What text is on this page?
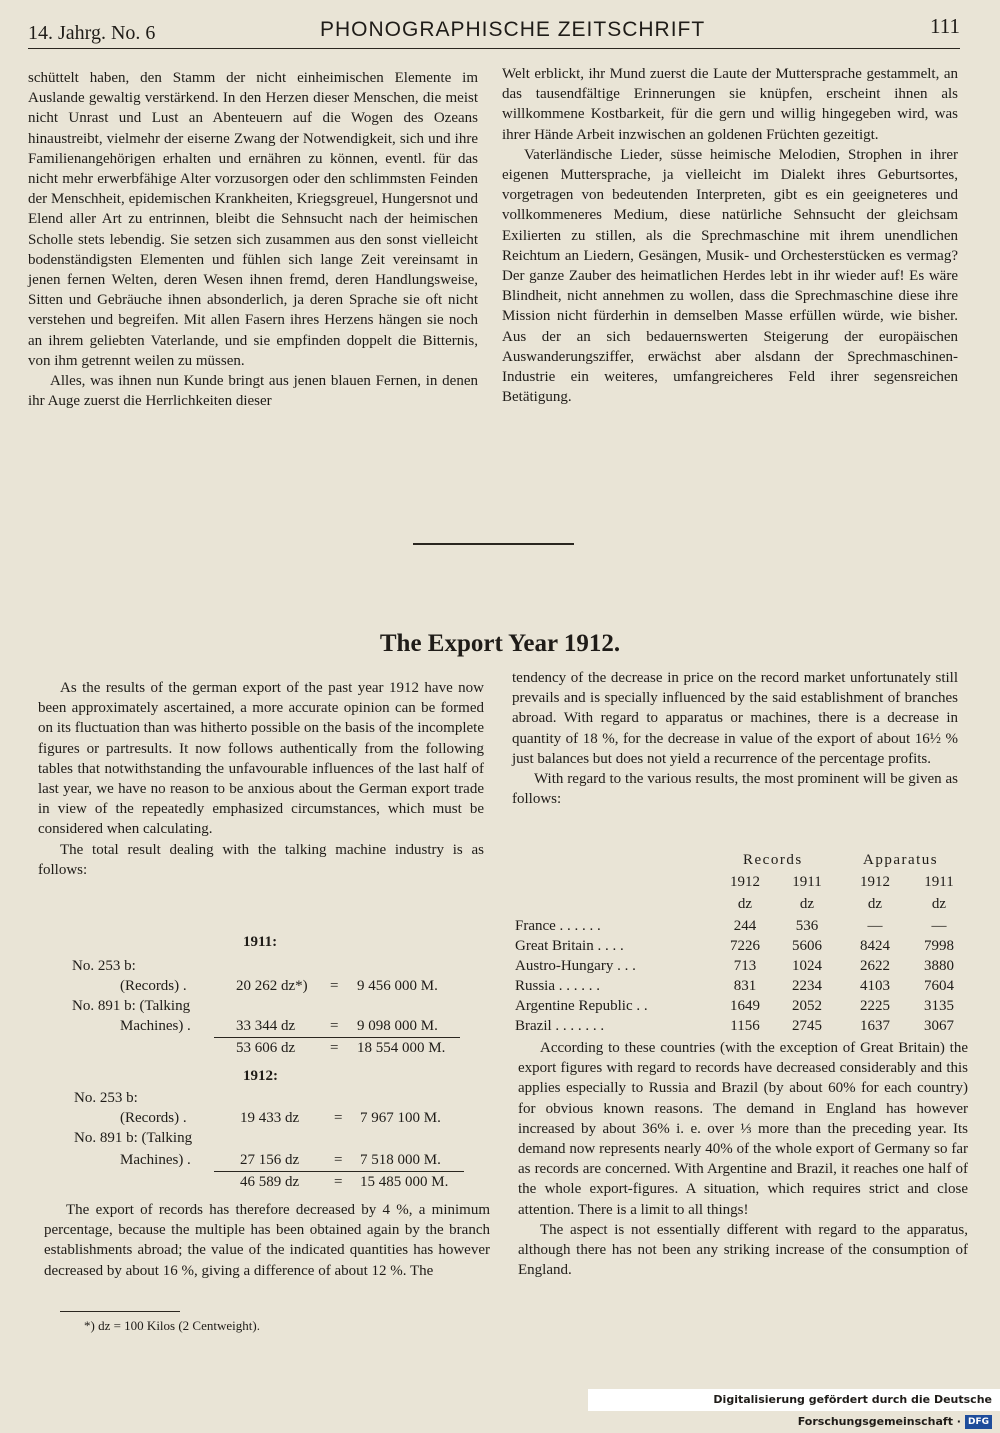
14. Jahrg. No. 6	PHONOGRAPHISCHE ZEITSCHRIFT	111

schüttelt haben, den Stamm der nicht einheimischen Elemente im Auslande gewaltig verstärkend. In den Herzen dieser Menschen, die meist nicht Unrast und Lust an Abenteuern auf die Wogen des Ozeans hinaustreibt, vielmehr der eiserne Zwang der Notwendigkeit, sich und ihre Familienangehörigen erhalten und ernähren zu können, eventl. für das nicht mehr erwerbfähige Alter vorzusorgen oder den schlimmsten Feinden der Menschheit, epidemischen Krankheiten, Kriegsgreuel, Hungersnot und Elend aller Art zu entrinnen, bleibt die Sehnsucht nach der heimischen Scholle stets lebendig. Sie setzen sich zusammen aus den sonst vielleicht bodenständigsten Elementen und fühlen sich lange Zeit vereinsamt in jenen fernen Welten, deren Wesen ihnen fremd, deren Handlungsweise, Sitten und Gebräuche ihnen absonderlich, ja deren Sprache sie oft nicht verstehen und begreifen. Mit allen Fasern ihres Herzens hängen sie noch an ihrem geliebten Vaterlande, und sie empfinden doppelt die Bitternis, von ihm getrennt weilen zu müssen.

Alles, was ihnen nun Kunde bringt aus jenen blauen Fernen, in denen ihr Auge zuerst die Herrlichkeiten dieser

Welt erblickt, ihr Mund zuerst die Laute der Muttersprache gestammelt, an das tausendfältige Erinnerungen sie knüpfen, erscheint ihnen als willkommene Kostbarkeit, für die gern und willig hingegeben wird, was ihrer Hände Arbeit inzwischen an goldenen Früchten gezeitigt.

Vaterländische Lieder, süsse heimische Melodien, Strophen in ihrer eigenen Muttersprache, ja vielleicht im Dialekt ihres Geburtsortes, vorgetragen von bedeutenden Interpreten, gibt es ein geeigneteres und vollkommeneres Medium, diese natürliche Sehnsucht der gleichsam Exilierten zu stillen, als die Sprechmaschine mit ihrem unendlichen Reichtum an Liedern, Gesängen, Musik- und Orchesterstücken es vermag? Der ganze Zauber des heimatlichen Herdes lebt in ihr wieder auf! Es wäre Blindheit, nicht annehmen zu wollen, dass die Sprechmaschine diese ihre Mission nicht fürderhin in demselben Masse erfüllen würde, wie bisher. Aus der an sich bedauernswerten Steigerung der europäischen Auswanderungsziffer, erwächst aber alsdann der Sprechmaschinen-Industrie ein weiteres, umfangreicheres Feld ihrer segensreichen Betätigung.

The Export Year 1912.

As the results of the german export of the past year 1912 have now been approximately ascertained, a more accurate opinion can be formed on its fluctuation than was hitherto possible on the basis of the incomplete figures or partresults. It now follows authentically from the following tables that notwithstanding the unfavourable influences of the last half of last year, we have no reason to be anxious about the German export trade in view of the repeatedly emphasized circumstances, which must be considered when calculating.

The total result dealing with the talking machine industry is as follows:

1911:
No. 253 b:
(Records) .	20 262 dz*) = 9 456 000 M.
No. 891 b: (Talking
Machines) .	33 344 dz = 9 098 000 M.
53 606 dz = 18 554 000 M.
1912:
No. 253 b:
(Records) .	19 433 dz = 7 967 100 M.
No. 891 b: (Talking
Machines) .	27 156 dz = 7 518 000 M.
46 589 dz = 15 485 000 M.

The export of records has therefore decreased by 4 %, a minimum percentage, because the multiple has been obtained again by the branch establishments abroad; the value of the indicated quantities has however decreased by about 16 %, giving a difference of about 12 %. The

*) dz = 100 Kilos (2 Centweight).

tendency of the decrease in price on the record market unfortunately still prevails and is specially influenced by the said establishment of branches abroad. With regard to apparatus or machines, there is a decrease in quantity of 18 %, for the decrease in value of the export of about 16½ % just balances but does not yield a recurrence of the percentage profits.

With regard to the various results, the most prominent will be given as follows:

Records	Apparatus
1912	1911	1912	1911
dz	dz	dz	dz
France . . . . . .	244	536	—	—
Great Britain . . . .	7226	5606	8424	7998
Austro-Hungary . . .	713	1024	2622	3880
Russia . . . . . .	831	2234	4103	7604
Argentine Republic . .	1649	2052	2225	3135
Brazil . . . . . . .	1156	2745	1637	3067

According to these countries (with the exception of Great Britain) the export figures with regard to records have decreased considerably and this applies especially to Russia and Brazil (by about 60% for each country) for obvious known reasons. The demand in England has however increased by about 36% i. e. over ⅓ more than the preceding year. Its demand now represents nearly 40% of the whole export of Germany so far as records are concerned. With Argentine and Brazil, it reaches one half of the whole export-figures. A situation, which requires strict and close attention. There is a limit to all things!

The aspect is not essentially different with regard to the apparatus, although there has not been any striking increase of the consumption of England.

Digitalisierung gefördert durch die Deutsche Forschungsgemeinschaft · DFG
